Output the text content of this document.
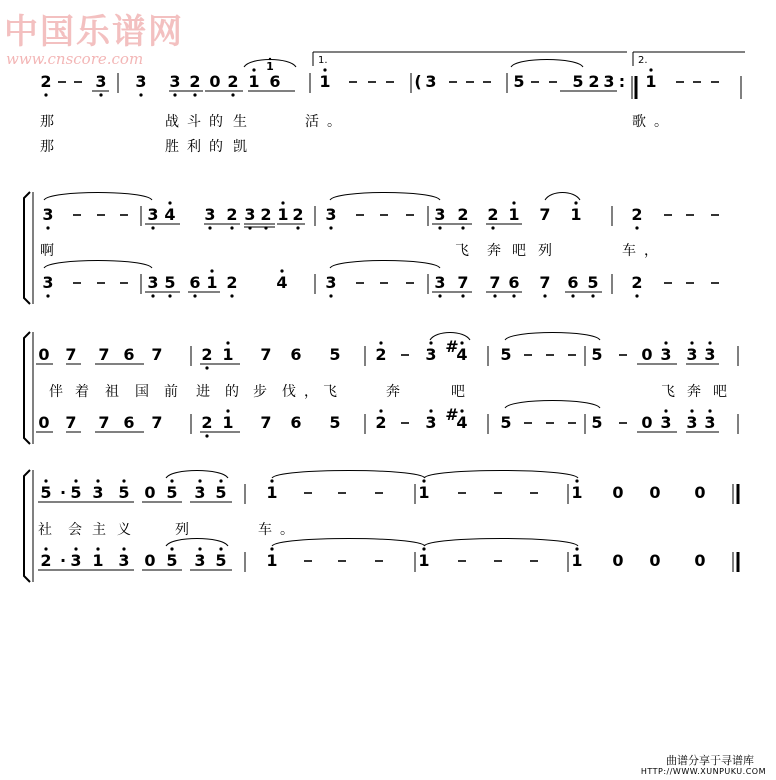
中国乐谱网
www.cnscore.com	1.	2.
2	3 3 3 2 0 2 1 6 1	( 3	5	5 2 3 : 1
1
那	战斗的 生	活。	歌。
那	胜利的 凯
3	3 4 3 2 3 2 1 2 3	3 2 2 1 7 1	2
3	3 5 6 1 2 4 3	3 7 7 6 7 6 5 2
啊	飞 奔 吧 列	车，
0 7 7 6 7 2 1 7 6 5 2 3 #
4 5	5 0 3 3 3
0 7 7 6 7 2 1 7 6 5 2 3 #
4 5	5 0 3 3 3
伴 着 祖 国 前 进 的 步 伐，
飞	奔	吧	飞 奔 吧
5 · 5 3 5 0 5 3 5 1	1	1 0 0 0
2 · 3 1 3 0 5 3 5 1	1	1 0 0 0
社 会 主 义	列	车。
曲谱分享于寻谱库
HTTP://WWW.XUNPUKU.COM
